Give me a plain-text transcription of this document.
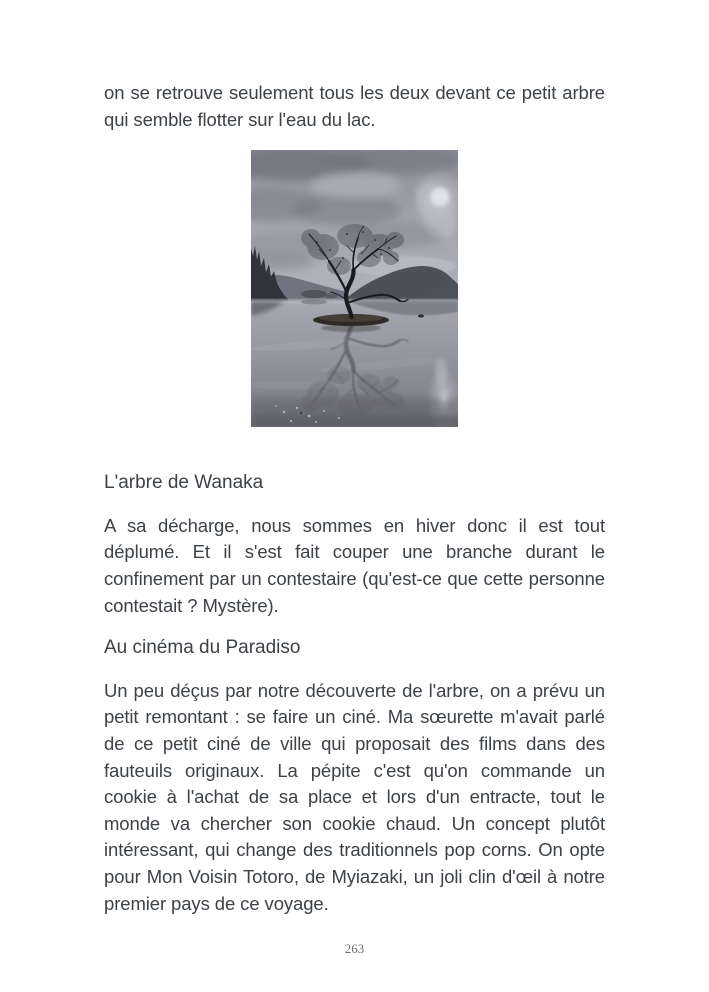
on se retrouve seulement tous les deux devant ce petit arbre qui semble flotter sur l'eau du lac.

L'arbre de Wanaka

A sa décharge, nous sommes en hiver donc il est tout déplumé. Et il s'est fait couper une branche durant le confinement par un contestaire (qu'est-ce que cette personne contestait ? Mystère).

Au cinéma du Paradiso

Un peu déçus par notre découverte de l'arbre, on a prévu un petit remontant : se faire un ciné. Ma sœurette m'avait parlé de ce petit ciné de ville qui proposait des films dans des fauteuils originaux. La pépite c'est qu'on commande un cookie à l'achat de sa place et lors d'un entracte, tout le monde va chercher son cookie chaud. Un concept plutôt intéressant, qui change des traditionnels pop corns. On opte pour Mon Voisin Totoro, de Myiazaki, un joli clin d'œil à notre premier pays de ce voyage.

263
